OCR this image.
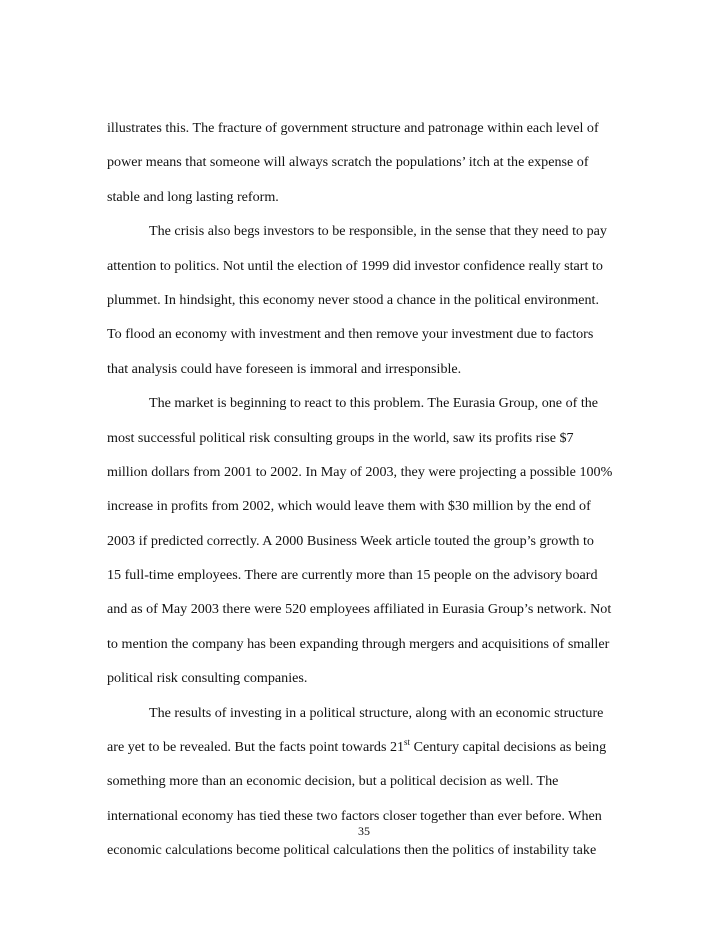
illustrates this. The fracture of government structure and patronage within each level of
power means that someone will always scratch the populations’ itch at the expense of
stable and long lasting reform.
The crisis also begs investors to be responsible, in the sense that they need to pay
attention to politics. Not until the election of 1999 did investor confidence really start to
plummet. In hindsight, this economy never stood a chance in the political environment.
To flood an economy with investment and then remove your investment due to factors
that analysis could have foreseen is immoral and irresponsible.
The market is beginning to react to this problem. The Eurasia Group, one of the
most successful political risk consulting groups in the world, saw its profits rise $7
million dollars from 2001 to 2002. In May of 2003, they were projecting a possible 100%
increase in profits from 2002, which would leave them with $30 million by the end of
2003 if predicted correctly. A 2000 Business Week article touted the group’s growth to
15 full-time employees. There are currently more than 15 people on the advisory board
and as of May 2003 there were 520 employees affiliated in Eurasia Group’s network. Not
to mention the company has been expanding through mergers and acquisitions of smaller
political risk consulting companies.
The results of investing in a political structure, along with an economic structure
are yet to be revealed. But the facts point towards 21st Century capital decisions as being
something more than an economic decision, but a political decision as well. The
international economy has tied these two factors closer together than ever before. When
economic calculations become political calculations then the politics of instability take
35
